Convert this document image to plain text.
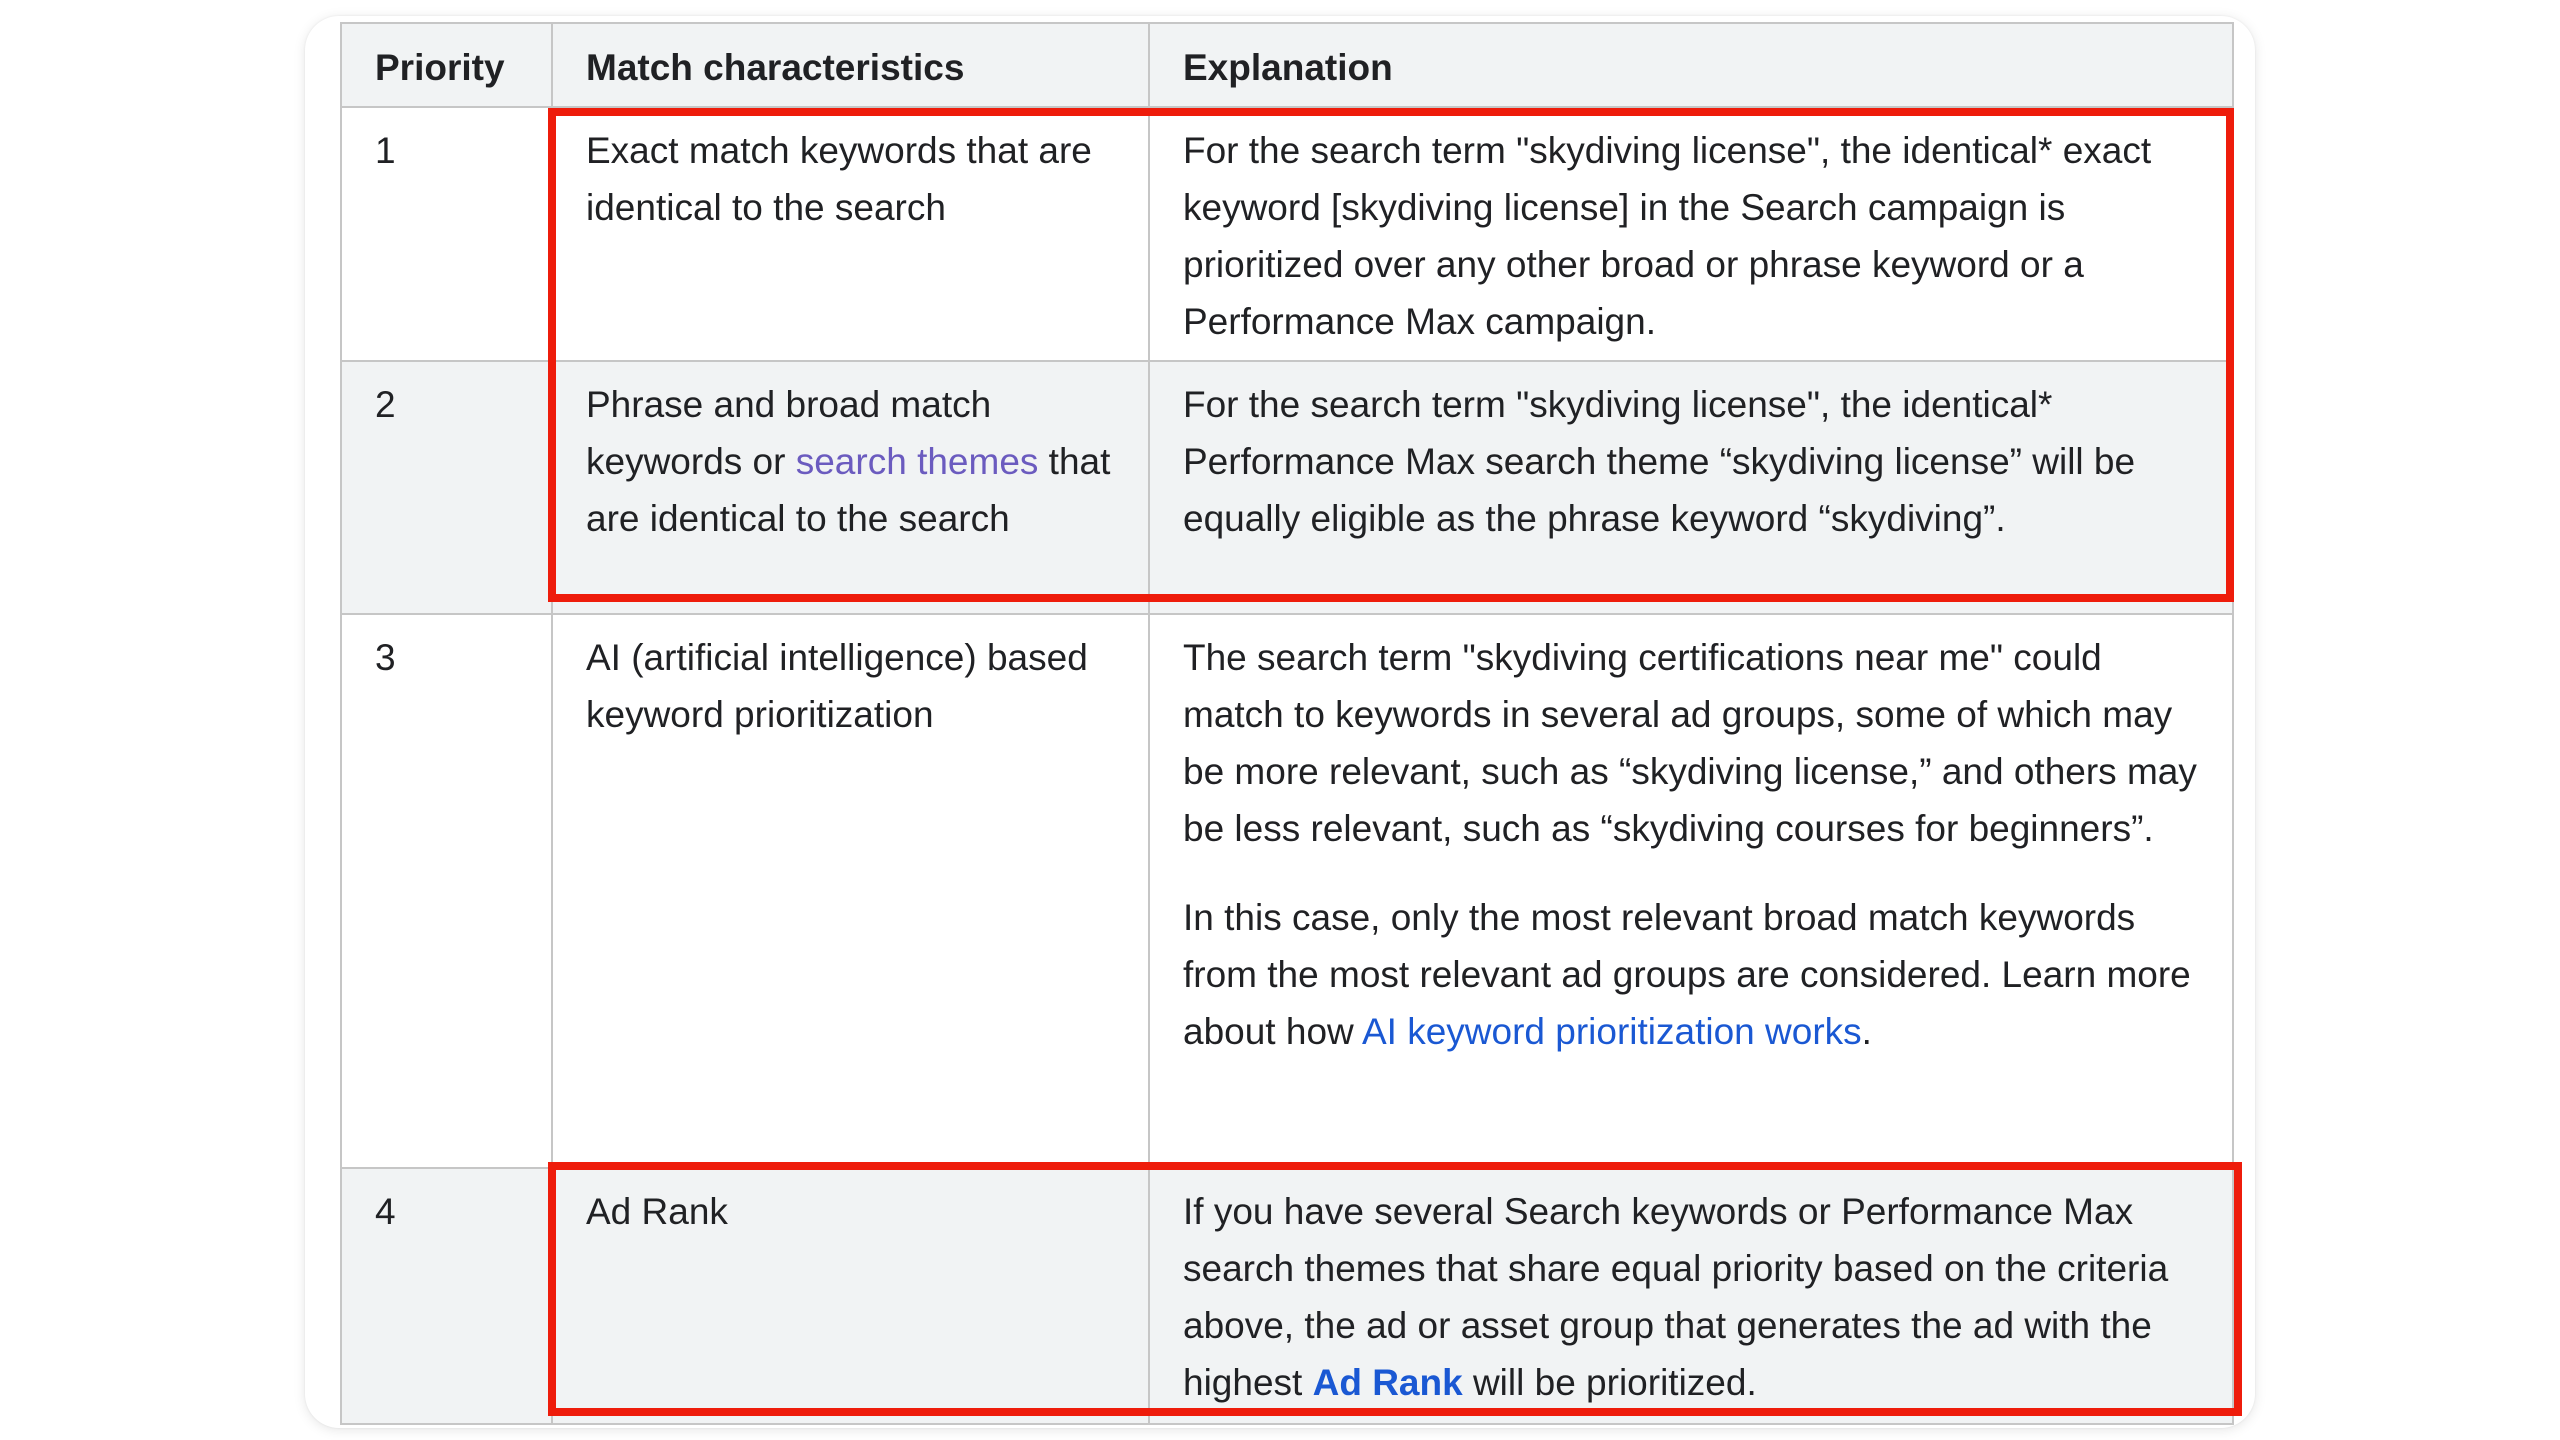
Priority	Match characteristics	Explanation
1	Exact match keywords that are identical to the search	For the search term "skydiving license", the identical* exact keyword [skydiving license] in the Search campaign is prioritized over any other broad or phrase keyword or a Performance Max campaign.
2	Phrase and broad match keywords or search themes that are identical to the search	For the search term "skydiving license", the identical* Performance Max search theme “skydiving license” will be equally eligible as the phrase keyword “skydiving”.
3	AI (artificial intelligence) based keyword prioritization	The search term "skydiving certifications near me" could match to keywords in several ad groups, some of which may be more relevant, such as “skydiving license,” and others may be less relevant, such as “skydiving courses for beginners”.

In this case, only the most relevant broad match keywords from the most relevant ad groups are considered. Learn more about how AI keyword prioritization works.

4	Ad Rank	If you have several Search keywords or Performance Max search themes that share equal priority based on the criteria above, the ad or asset group that generates the ad with the highest Ad Rank will be prioritized.
